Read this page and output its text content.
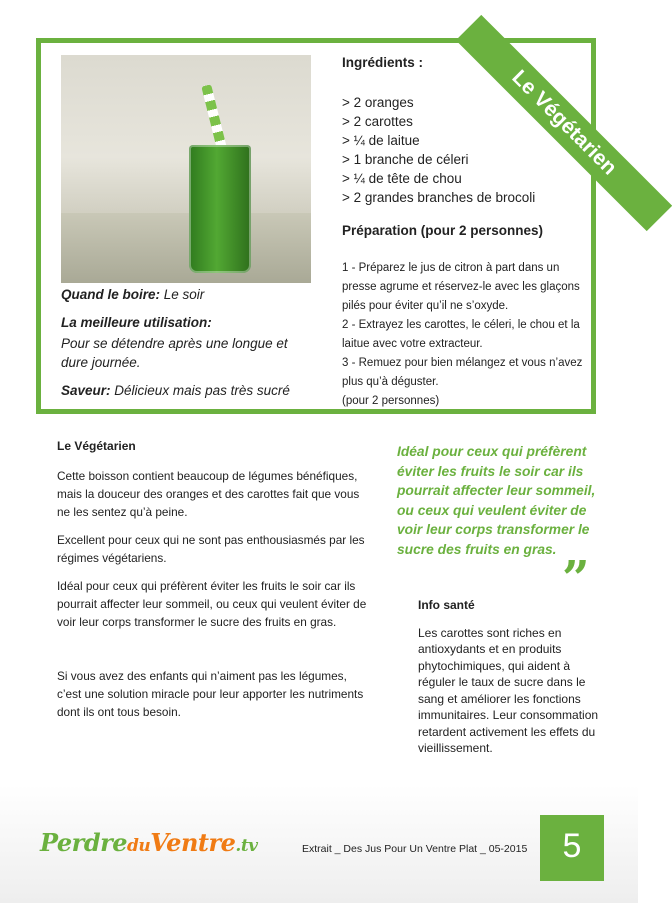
Quand le boire: Le soir

La meilleure utilisation:

Pour se détendre après une longue et dure journée.

Saveur: Délicieux mais pas très sucré

Ingrédients :
> 2 oranges
> 2 carottes
> ¼ de laitue
> 1 branche de céleri
> ¼ de tête de chou
> 2 grandes branches de brocoli
Préparation (pour 2 personnes)
1 - Préparez le jus de citron à part dans un presse agrume et réservez-le avec les glaçons pilés pour éviter qu’il ne s’oxyde.
2 - Extrayez les carottes, le céleri, le chou et la laitue avec votre extracteur.
3 - Remuez pour bien mélangez et vous n’avez plus qu’à déguster.
(pour 2 personnes)
Le Végétarien
Le Végétarien

Cette boisson contient beaucoup de légumes bénéfiques, mais la douceur des oranges et des carottes fait que vous ne les sentez qu’à peine.

Excellent pour ceux qui ne sont pas enthousiasmés par les régimes végétariens.

Idéal pour ceux qui préfèrent éviter les fruits le soir car ils pourrait affecter leur sommeil, ou ceux qui veulent éviter de voir leur corps transformer le sucre des fruits en gras.

Si vous avez des enfants qui n’aiment pas les légumes, c’est une solution miracle pour leur apporter les nutriments dont ils ont tous besoin.

Idéal pour ceux qui préfèrent éviter les fruits le soir car ils pourrait affecter leur sommeil, ou ceux qui veulent éviter de voir leur corps transformer le sucre des fruits en gras.
”
Info santé

Les carottes sont riches en antioxydants et en produits phytochimiques, qui aident à réguler le taux de sucre dans le sang et améliorer les fonctions immunitaires. Leur consommation retardent activement les effets du vieillissement.

PerdreduVentre.tv	Extrait _ Des Jus Pour Un Ventre Plat _ 05-2015	5
